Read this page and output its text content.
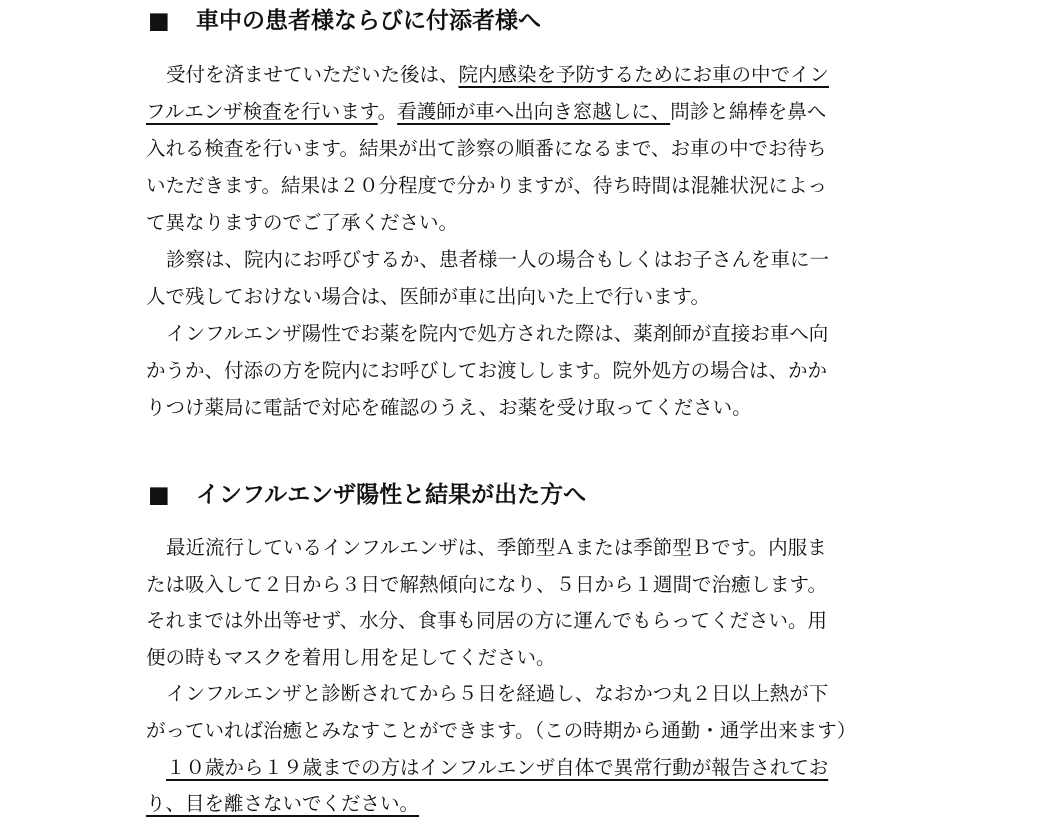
■ 車中の患者様ならびに付添者様へ
受付を済ませていただいた後は、院内感染を予防するためにお車の中でイン
フルエンザ検査を行います。看護師が車へ出向き窓越しに、問診と綿棒を鼻へ
入れる検査を行います。結果が出て診察の順番になるまで、お車の中でお待ち
いただきます。結果は２０分程度で分かりますが、待ち時間は混雑状況によっ
て異なりますのでご了承ください。
診察は、院内にお呼びするか、患者様一人の場合もしくはお子さんを車に一
人で残しておけない場合は、医師が車に出向いた上で行います。
インフルエンザ陽性でお薬を院内で処方された際は、薬剤師が直接お車へ向
かうか、付添の方を院内にお呼びしてお渡しします。院外処方の場合は、かか
りつけ薬局に電話で対応を確認のうえ、お薬を受け取ってください。
■ インフルエンザ陽性と結果が出た方へ
最近流行しているインフルエンザは、季節型Ａまたは季節型Ｂです。内服ま
たは吸入して２日から３日で解熱傾向になり、５日から１週間で治癒します。
それまでは外出等せず、水分、食事も同居の方に運んでもらってください。用
便の時もマスクを着用し用を足してください。
インフルエンザと診断されてから５日を経過し、なおかつ丸２日以上熱が下
がっていれば治癒とみなすことができます。（この時期から通勤・通学出来ます）
１０歳から１９歳までの方はインフルエンザ自体で異常行動が報告されてお
り、目を離さないでください。
